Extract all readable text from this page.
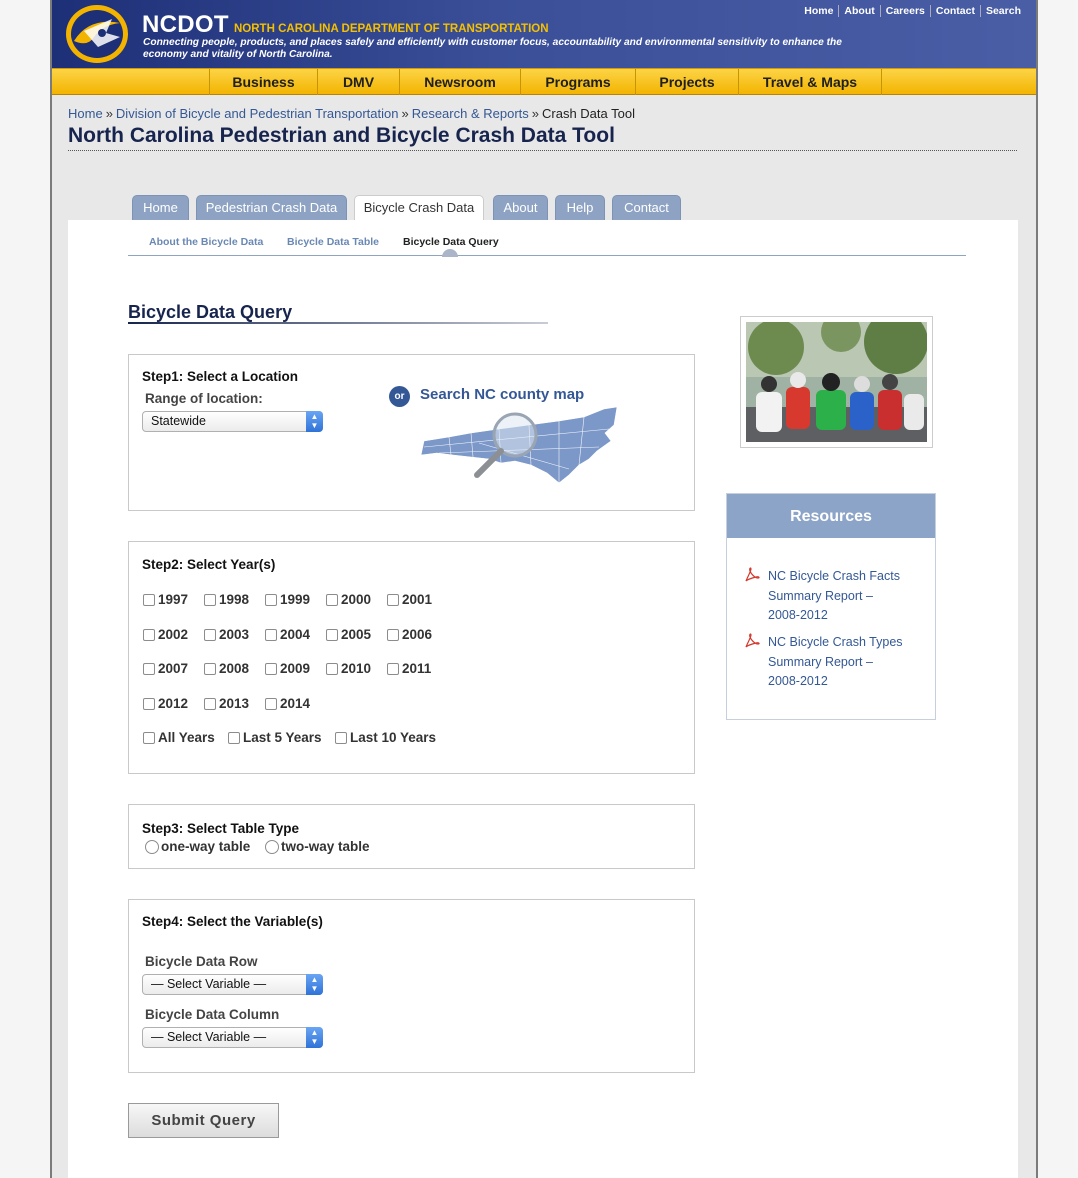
NCDOT NORTH CAROLINA DEPARTMENT OF TRANSPORTATION
Connecting people, products, and places safely and efficiently with customer focus, accountability and environmental sensitivity to enhance the economy and vitality of North Carolina.
Home	About	Careers	Contact	Search
Business	DMV	Newsroom	Programs	Projects	Travel & Maps
Home » Division of Bicycle and Pedestrian Transportation » Research & Reports » Crash Data Tool
North Carolina Pedestrian and Bicycle Crash Data Tool
Home	Pedestrian Crash Data	Bicycle Crash Data	About	Help	Contact
About the Bicycle Data Bicycle Data Table Bicycle Data Query
Bicycle Data Query
Step1: Select a Location
Range of location:
Statewide	▲
▼
or	Search NC county map
Step2: Select Year(s)
1997 1998 1999 2000 2001
2002 2003 2004 2005 2006
2007 2008 2009 2010 2011
2012 2013 2014
All Years Last 5 Years Last 10 Years
Step3: Select Table Type
one-way table two-way table
Step4: Select the Variable(s)
Bicycle Data Row
— Select Variable —	▲
▼
Bicycle Data Column
— Select Variable —	▲
▼
Submit Query
Resources
NC Bicycle Crash Facts
Summary Report –
2008-2012
NC Bicycle Crash Types
Summary Report –
2008-2012
